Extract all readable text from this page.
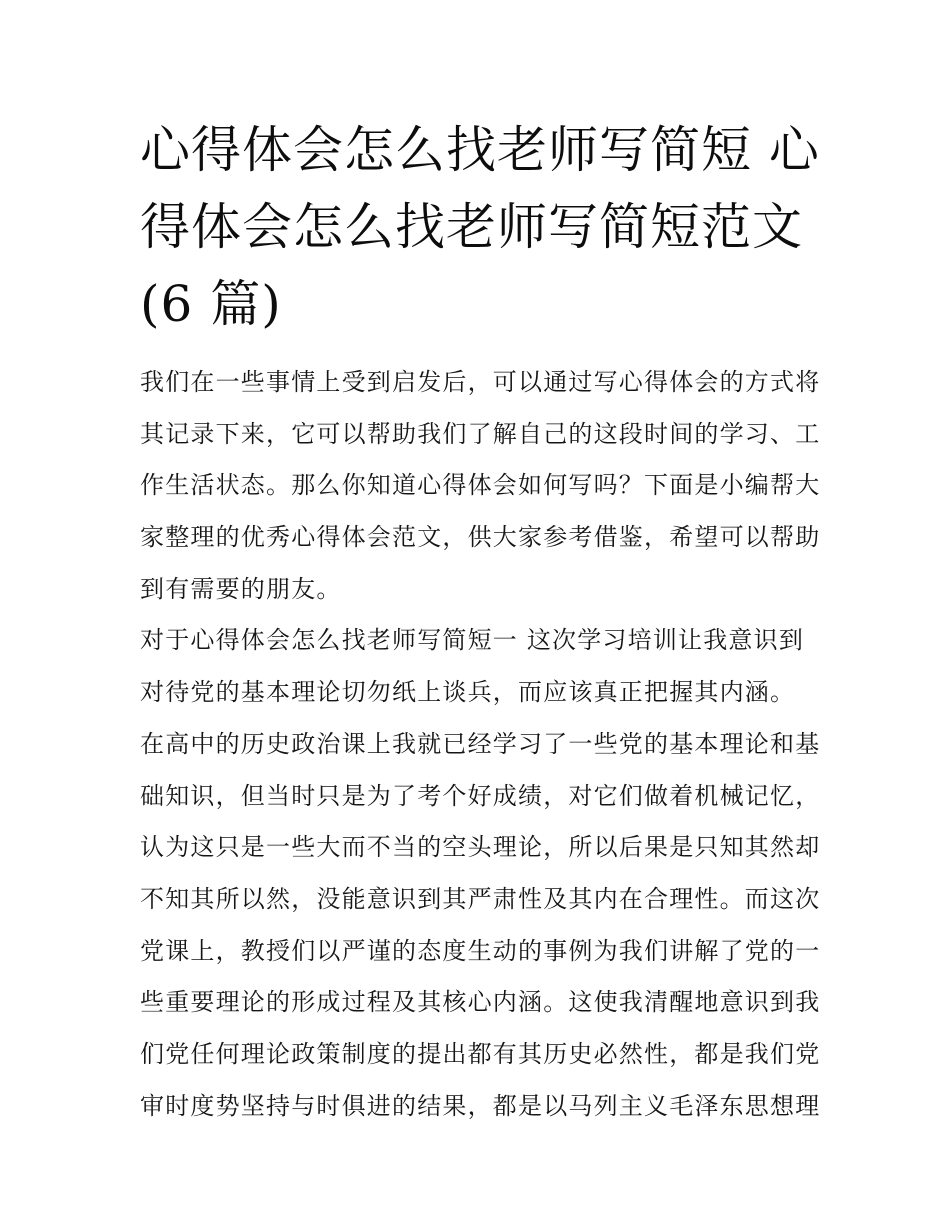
心得体会怎么找老师写简短 心
得体会怎么找老师写简短范文
(6 篇)
我们在一些事情上受到启发后，可以通过写心得体会的方式将
其记录下来，它可以帮助我们了解自己的这段时间的学习、工
作生活状态。那么你知道心得体会如何写吗？下面是小编帮大
家整理的优秀心得体会范文，供大家参考借鉴，希望可以帮助
到有需要的朋友。
对于心得体会怎么找老师写简短一 这次学习培训让我意识到
对待党的基本理论切勿纸上谈兵，而应该真正把握其内涵。
在高中的历史政治课上我就已经学习了一些党的基本理论和基
础知识，但当时只是为了考个好成绩，对它们做着机械记忆，
认为这只是一些大而不当的空头理论，所以后果是只知其然却
不知其所以然，没能意识到其严肃性及其内在合理性。而这次
党课上，教授们以严谨的态度生动的事例为我们讲解了党的一
些重要理论的形成过程及其核心内涵。这使我清醒地意识到我
们党任何理论政策制度的提出都有其历史必然性，都是我们党
审时度势坚持与时俱进的结果，都是以马列主义毛泽东思想理
